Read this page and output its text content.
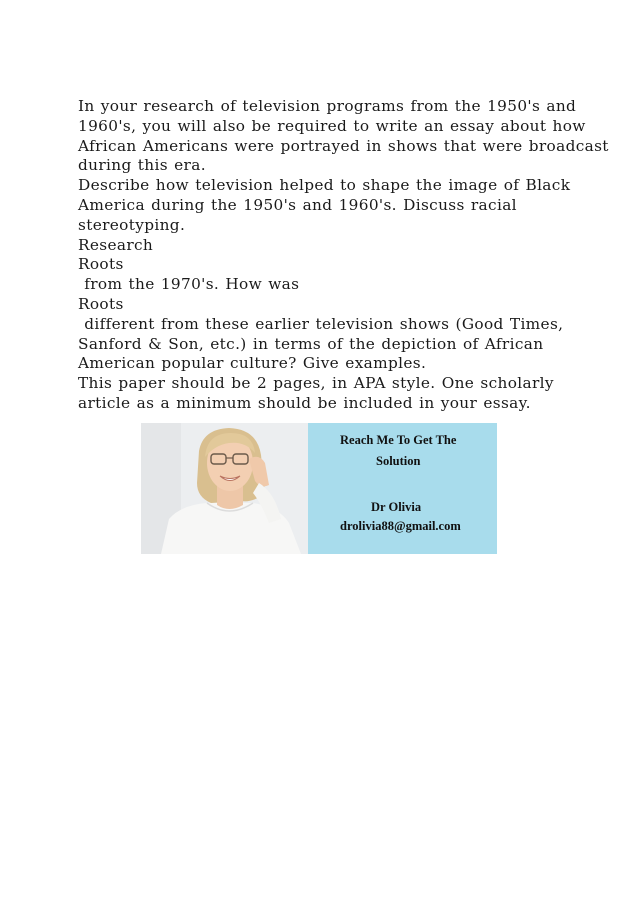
In your research of television programs from the 1950's and
1960's, you will also be required to write an essay about how
African Americans were portrayed in shows that were broadcast
during this era.
Describe how television helped to shape the image of Black
America during the 1950's and 1960's. Discuss racial
stereotyping.
Research
Roots
from the 1970's. How was
Roots
different from these earlier television shows (Good Times,
Sanford & Son, etc.) in terms of the depiction of African
American popular culture? Give examples.
This paper should be 2 pages, in APA style. One scholarly
article as a minimum should be included in your essay.
Reach Me To Get The
Solution
Dr Olivia
drolivia88@gmail.com
